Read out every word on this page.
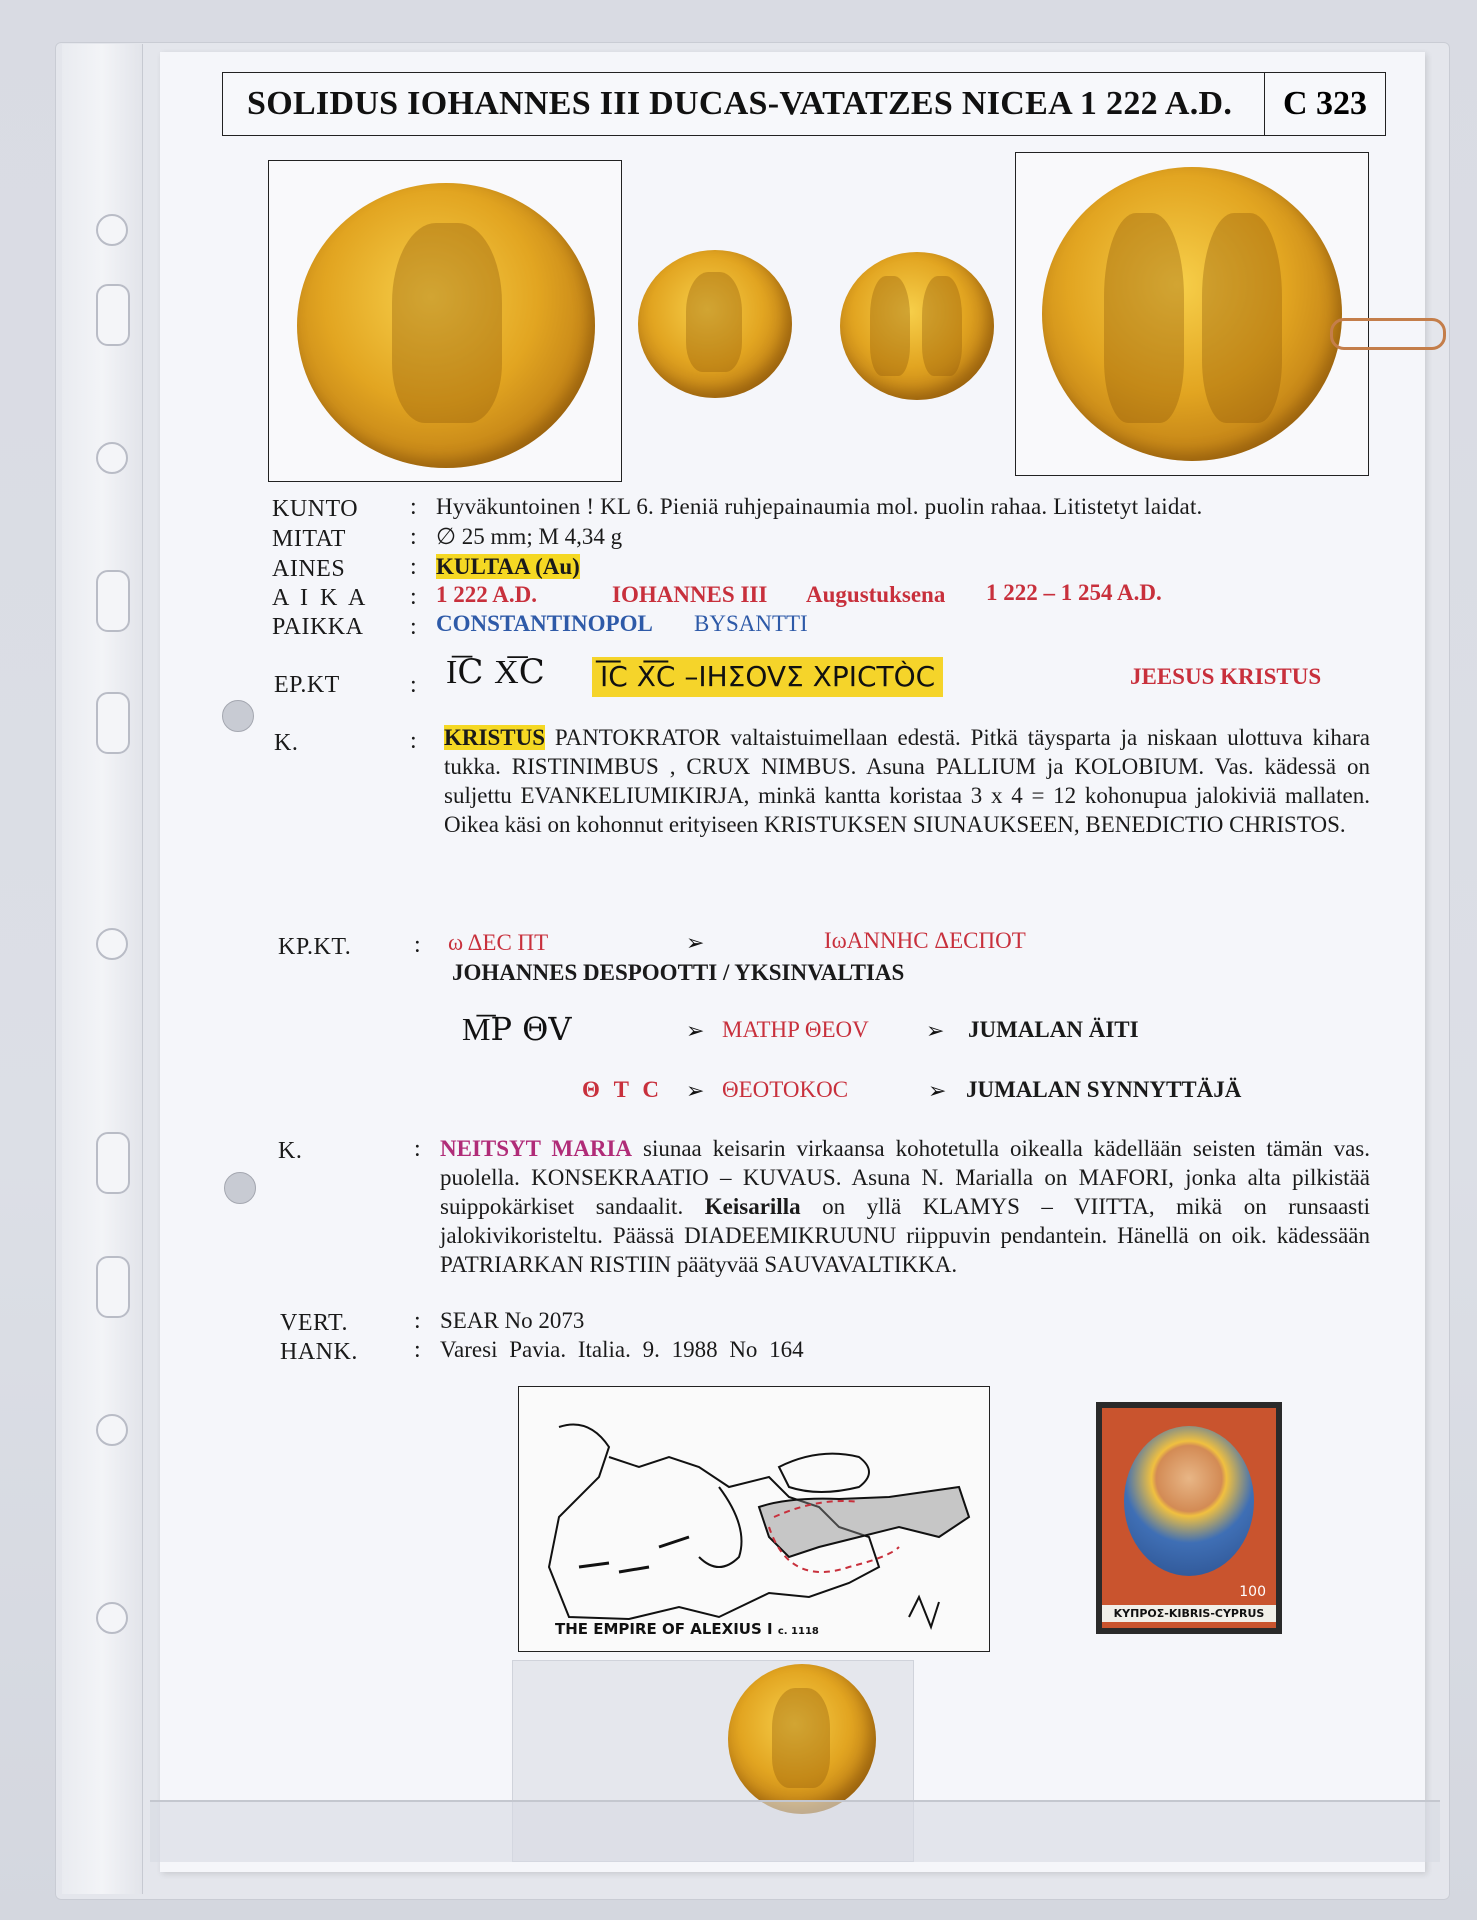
SOLIDUS IOHANNES III DUCAS-VATATZES NICEA 1 222 A.D.	C 323
KUNTO : Hyväkuntoinen ! KL 6. Pieniä ruhjepainaumia mol. puolin rahaa. Litistetyt laidat.
MITAT	: ∅ 25 mm; M 4,34 g
AINES	: KULTAA (Au)
A I K A : 1 222 A.D.	IOHANNES III Augustuksena 1 222 – 1 254 A.D.
PAIKKA : CONSTANTINOPOL BYSANTTI
EP.KT	: I͞C X͞C I͞C X͞C –IHΣOVΣ XPICTÒC	JEESUS KRISTUS
K.	: KRISTUS PANTOKRATOR valtaistuimellaan edestä. Pitkä täysparta ja niskaan ulottuva kihara tukka. RISTINIMBUS , CRUX NIMBUS. Asuna PALLIUM ja KOLOBIUM. Vas. kädessä on suljettu EVANKELIUMIKIRJA, minkä kantta koristaa 3 x 4 = 12 kohonupua jalokiviä mallaten. Oikea käsi on kohonnut erityiseen KRISTUKSEN SIUNAUKSEEN, BENEDICTIO CHRISTOS.
KP.KT.	: ω ΔΕC ΠΤ	➢	IωANNHC ΔECΠOT
JOHANNES DESPOOTTI / YKSINVALTIAS
M͞P ΘV	➢ MATHP ΘEOV	➢ JUMALAN ÄITI
Θ T C ➢ ΘEOTOKOC	➢ JUMALAN SYNNYTTÄJÄ
K.	: NEITSYT MARIA siunaa keisarin virkaansa kohotetulla oikealla kädellään seisten tämän vas. puolella. KONSEKRAATIO – KUVAUS. Asuna N. Marialla on MAFORI, jonka alta pilkistää suippokärkiset sandaalit. Keisarilla on yllä KLAMYS – VIITTA, mikä on runsaasti jalokivikoristeltu. Päässä DIADEEMIKRUUNU riippuvin pendantein. Hänellä on oik. kädessään PATRIARKAN RISTIIN päätyvää SAUVAVALTIKKA.
VERT.	: SEAR No 2073
HANK. : Varesi Pavia. Italia. 9. 1988 No 164
THE EMPIRE OF ALEXIUS I c. 1118
100
ΚΥΠΡΟΣ-KIBRIS-CYPRUS
